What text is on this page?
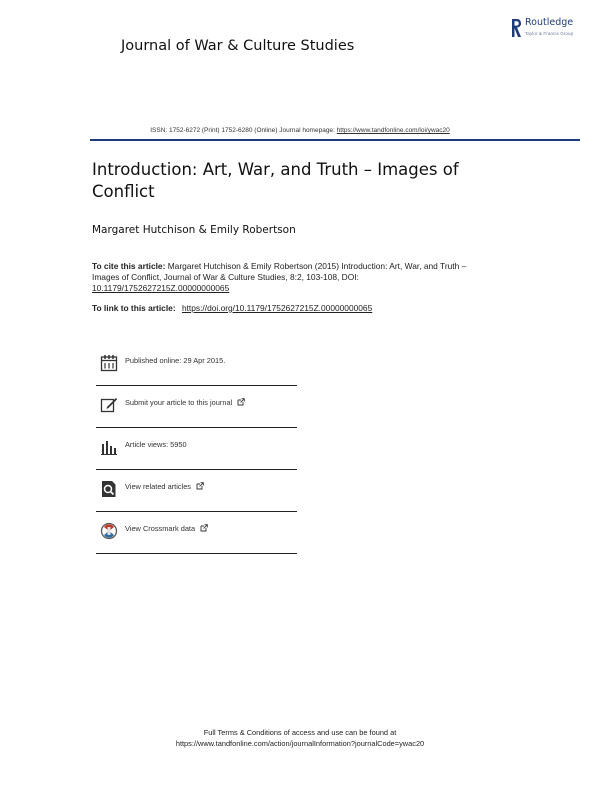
Journal of War & Culture Studies
Routledge
Taylor & Francis Group
ISSN: 1752-6272 (Print) 1752-6280 (Online) Journal homepage: https://www.tandfonline.com/loi/ywac20
Introduction: Art, War, and Truth – Images of Conflict
Margaret Hutchison & Emily Robertson
To cite this article: Margaret Hutchison & Emily Robertson (2015) Introduction: Art, War, and Truth – Images of Conflict, Journal of War & Culture Studies, 8:2, 103-108, DOI: 10.1179/1752627215Z.00000000065
To link to this article: https://doi.org/10.1179/1752627215Z.00000000065
Published online: 29 Apr 2015.
Submit your article to this journal
Article views: 5950
View related articles
View Crossmark data
Full Terms & Conditions of access and use can be found at
https://www.tandfonline.com/action/journalInformation?journalCode=ywac20
